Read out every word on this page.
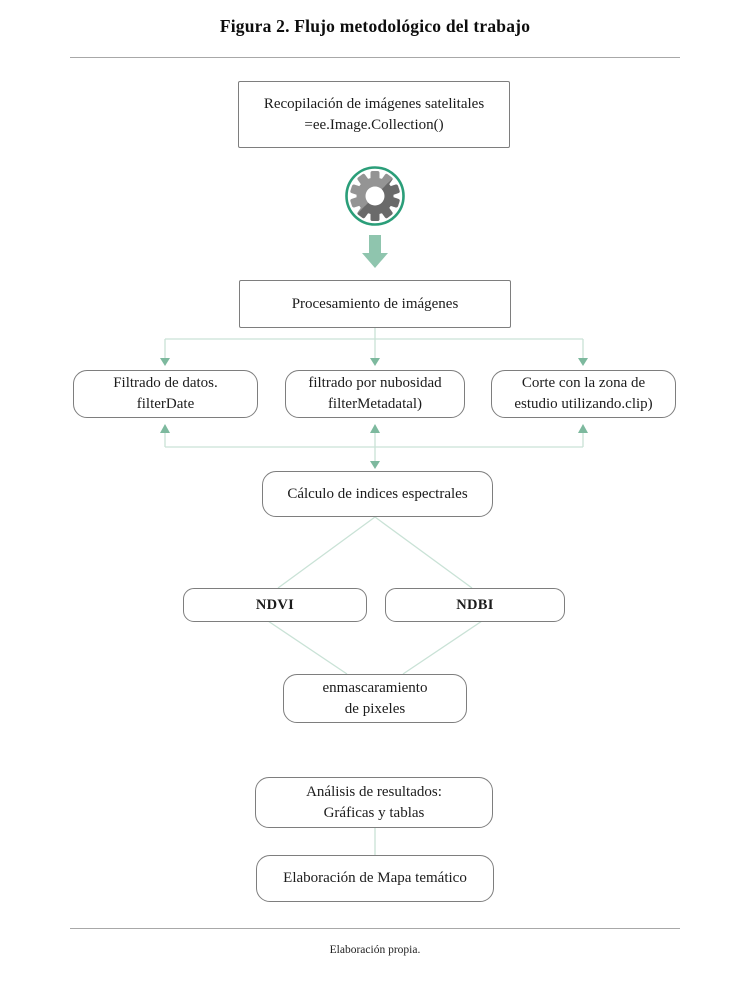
Figura 2. Flujo metodológico del trabajo
Recopilación de imágenes satelitales
=ee.Image.Collection()
Procesamiento de imágenes
Filtrado de datos.
filterDate
filtrado por nubosidad
filterMetadatal)
Corte con la zona de
estudio utilizando.clip)
Cálculo de indices espectrales
NDVI	NDBI
enmascaramiento
de pixeles
Análisis de resultados:
Gráficas y tablas
Elaboración de Mapa temático
Elaboración propia.
